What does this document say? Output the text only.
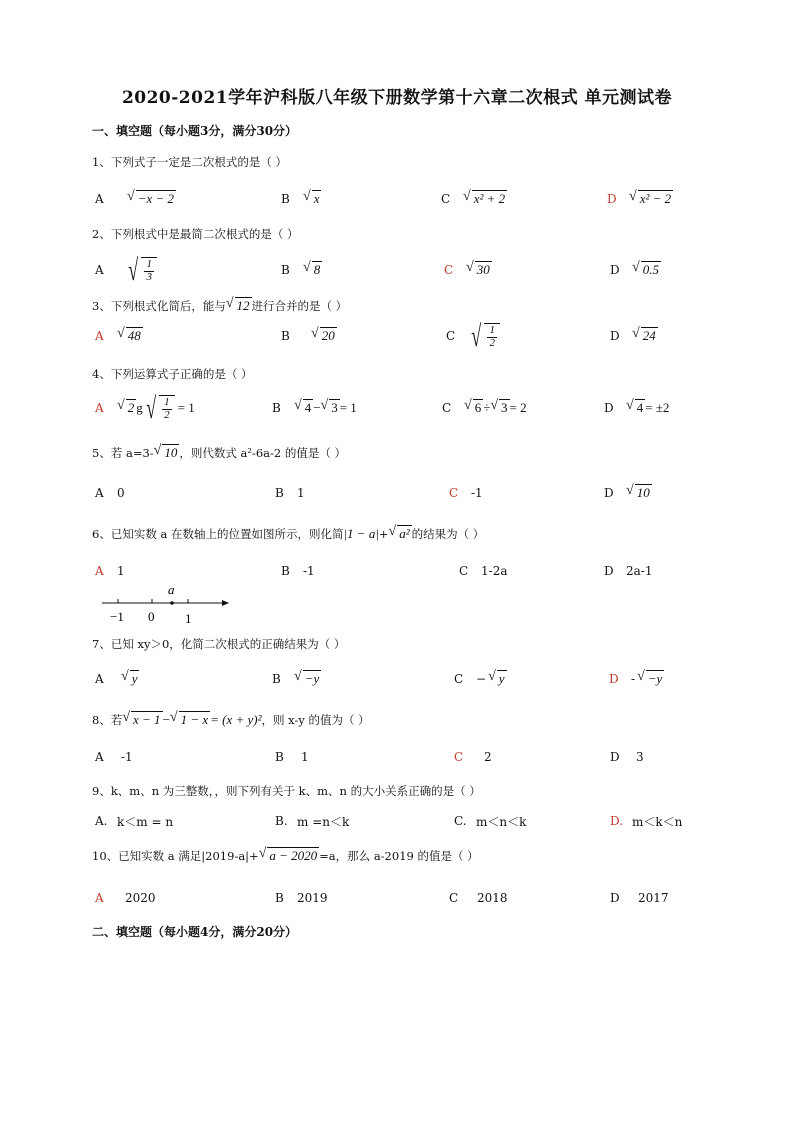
2020-2021学年沪科版八年级下册数学第十六章二次根式 单元测试卷
一、填空题（每小题3分，满分30分）
1、下列式子一定是二次根式的是（ ）
A	√ −x − 2	B √ x	C √ x² + 2	D √ x² − 2
2、下列根式中是最简二次根式的是（ ）
A √ $\frac{1}{3}$	B √ 8	C √ 30	D √ 0.5
3、下列根式化简后，能与 √ 12 进行合并的是（ ）
A √ 48	B	√ 20	C √ $\frac{1}{2}$	D √ 24
4、下列运算式子正确的是（ ）
A √ 2 g √ $\frac{1}{2} = 1$	B √ 4 − √ 3 = 1	C √ 6 ÷ √ 3 = 2	D √ 4 = ±2
5、若 a=3- √ 10 ，则代数式 a²-6a-2 的值是（ ）
A	0	B	1	C	-1	D √ 10
6、已知实数 a 在数轴上的位置如图所示，则化简 |1 − a| + √ a² 的结果为（ ）
A	1	B	-1	C	1-2a	D	2a-1
a
−1 0 1
7、已知 xy＞0，化简二次根式的正确结果为（ ）
A	√ y	B √ −y	C	− √ y	D	- √ −y
8、若 √ x − 1 − √ 1 − x = (x + y)² ，则 x-y 的值为（ ）
A	-1	B	1	C	2	D	3
9、k、m、n 为三整数，，则下列有关于 k、m、n 的大小关系正确的是（ ）
A. k＜m = n	B. m =n＜k	C. m＜n＜k	D. m＜k＜n
10、已知实数 a 满足|2019-a|+ √ a − 2020 =a，那么 a-2019 的值是（ ）
A	2020	B	2019	C	2018	D	2017
二、填空题（每小题4分，满分20分）
